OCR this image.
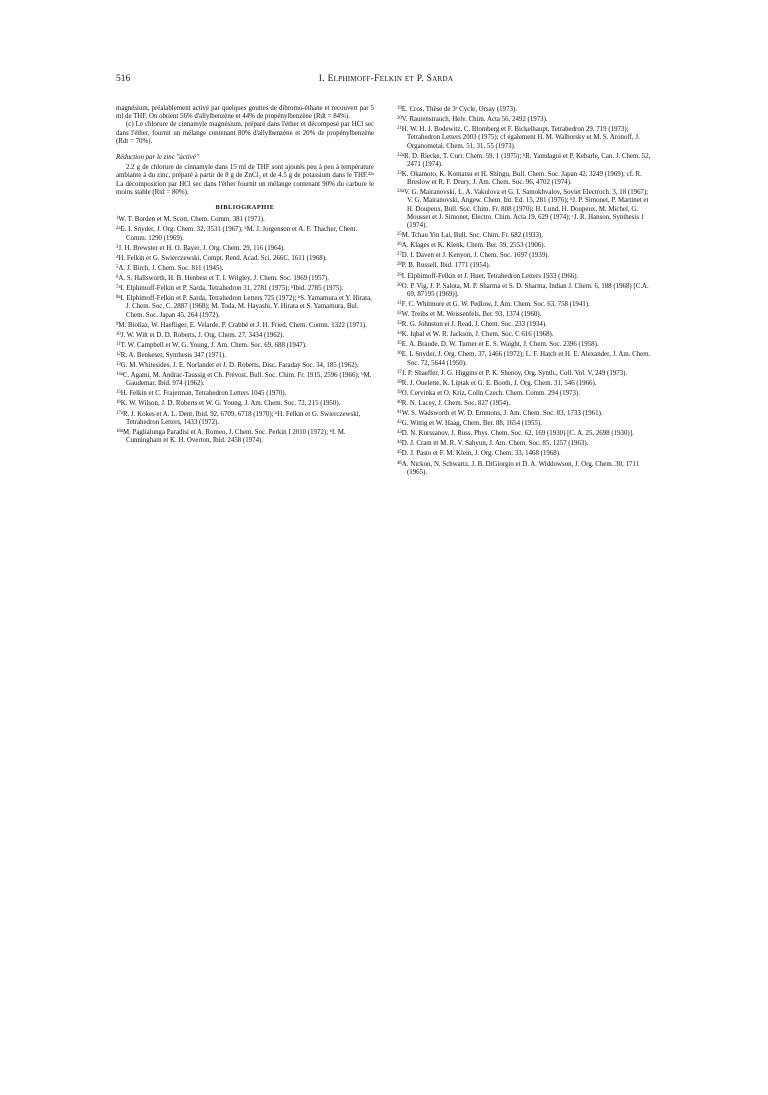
516	I. Elphimoff-Felkin et P. Sarda

magnésium, préalablement activé par quelques gouttes de dibromo-éthane et recouvert par 5 ml de THF. On obtient 56% d'allylbenzène et 44% de propénylbenzène (Rdt = 84%).

(c) Le chlorure de cinnamyle magnésium, préparé dans l'éther et décomposé par HCl sec dans l'éther, fournit un mélange contenant 80% d'allylbenzène et 20% de propénylbenzène (Rdt = 70%).

Réduction par le zinc "activé"

2.2 g de chlorure de cinnamyle dans 15 ml de THF sont ajoutés peu à peu à température ambiante à du zinc, préparé à partir de 8 g de ZnCl₂ et de 4.5 g de potassium dans le THF.³²ᵃ La décomposition par HCl sec dans l'éther fournit un mélange contenant 90% du carbure le moins stable (Rtd = 80%).

BIBLIOGRAPHIE

$^1$W. T. Borden et M. Scott, Chem. Comm. 381 (1971).

$^{2a}$E. I. Snyder, J. Org. Chem. 32, 3531 (1967); ᵇM. J. Jorgenson et A. F. Thacher, Chem. Comm. 1290 (1969).

$^3$J. H. Brewster et H. O. Bayer, J. Org. Chem. 29, 116 (1964).

$^4$H. Felkin et G. Swierczewski, Compt. Rend. Acad. Sci. 266C, 1611 (1968).

$^5$A. J. Birch, J. Chem. Soc. 811 (1945).

$^6$A. S. Hallsworth, H. B. Henbest et T. I. Wrigley, J. Chem. Soc. 1969 (1957).

$^{7a}$I. Elphimoff-Felkin et P. Sarda, Tetrahedron 31, 2781 (1975); ᵇIbid. 2785 (1975).

$^{8a}$I. Elphimoff-Felkin et P. Sarda, Tetrahedron Letters 725 (1972); ᵇS. Yamamura et Y. Hirata, J. Chem. Soc. C. 2887 (1968); M. Toda, M. Hayashi, Y. Hirata et S. Yamamura, Bul. Chem. Soc. Japan 45, 264 (1972).

$^9$M. Biollaz, W. Haefliger, E. Velarde, P. Crabbé et J. H. Fried, Chem. Comm. 1322 (1971).

$^{10}$J. W. Wilt et D. D. Roberts, J. Org. Chem. 27, 3434 (1962).

$^{11}$T. W. Campbell et W. G. Young, J. Am. Chem. Soc. 69, 688 (1947).

$^{12}$R. A. Benkeser, Synthesis 347 (1971).

$^{13}$G. M. Whitesides, J. E. Norlander et J. D. Roberts, Disc. Faraday Soc. 34, 185 (1962).

$^{14a}$C. Agami, M. Andrac-Taussig et Ch. Prévost, Bull. Soc. Chim. Fr. 1915, 2596 (1966); ᵇM. Gaudemar, Ibid. 974 (1962).

$^{15}$H. Felkin et C. Frajerman, Tetrahedron Letters 1045 (1970).

$^{16}$K. W. Wilson, J. D. Roberts et W. G. Young, J. Am. Chem. Soc. 72, 215 (1950).

$^{17a}$R. J. Kokes et A. L. Dent, Ibid. 92, 6709, 6718 (1970); ᵇH. Felkin et G. Swierczewski, Tetrahedron Letters, 1433 (1972).

$^{18a}$M. Paglialunga Paradisi et A. Romeo, J. Chem. Soc. Perkin I 2010 (1972); ᵇI. M. Cunningham et K. H. Overton, Ibid. 2458 (1974).

$^{19}$E. Cros, Thèse de 3ᵉ Cycle, Orsay (1973).

$^{20}$V. Rautenstrauch, Helv. Chim. Acta 56, 2492 (1973).

$^{21}$H. W. H. J. Bodewitz, C. Blomberg et F. Bickelhaupt, Tetrahedron 29, 719 (1973); Tetrahedron Letters 2003 (1975); cf également H. M. Walborsky et M. S. Aronoff, J. Organometal. Chem. 51, 31, 55 (1973).

$^{22a}$R. D. Riecke, T. Curr. Chem. 59, 1 (1975); ᵇR. Yamdagui et P. Kebarle, Can. J. Chem. 52, 2471 (1974).

$^{23}$K. Okamoto, K. Komatsu et H. Shingu, Bull. Chem. Soc. Japan 42, 3249 (1969); cf. R. Breslow et R. F. Drury, J. Am. Chem. Soc. 96, 4702 (1974).

$^{24a}$V. G. Mairanovski, L. A. Vakulova et G. I. Samokhvalov, Soviet Electroch. 3, 18 (1967); V. G. Mairanovski, Angew. Chem. Int. Ed. 15, 281 (1976); ᵇJ. P. Simonet, P. Martinet et H. Doupeux, Bull. Soc. Chim. Fr. 808 (1970); H. Lund, H. Doupeux, M. Michel, G. Mousset et J. Simonet, Electro. Chim. Acta 19, 629 (1974); ᶜJ. R. Hanson, Synthesis 1 (1974).

$^{25}$M. Tchau Yin Lai, Bull. Soc. Chim. Fr. 682 (1933).

$^{26}$A. Klages et K. Klenk, Chem. Ber. 39, 2553 (1906).

$^{27}$D. I. Daven et J. Kenyon, J. Chem. Soc. 1697 (1939).

$^{28}$P. B. Russell, Ibid. 1771 (1954).

$^{29}$I. Elphimoff-Felkin et J. Huet, Tetrahedron Letters 1933 (1966).

$^{30}$O. P. Vig, J. P. Salota, M. P. Sharma et S. D. Sharma, Indian J. Chem. 6, 188 (1968) [C.A. 69, 87195 (1969)].

$^{31}$F. C. Whitmore et G. W. Pedlow, J. Am. Chem. Soc. 63, 758 (1941).

$^{32}$W. Treibs et M. Weissenfels, Ber. 93, 1374 (1960).

$^{33}$R. G. Johnston et J. Read, J. Chem. Soc. 233 (1934).

$^{34}$K. Iqbal et W. R. Jackson, J. Chem. Soc. C 616 (1968).

$^{35}$E. A. Braude, D. W. Turner et E. S. Waight, J. Chem. Soc. 2396 (1958).

$^{36}$E. I. Snyder, J. Org. Chem. 37, 1466 (1972); L. F. Hatch et H. E. Alexander, J. Am. Chem. Soc. 72, 5644 (1950).

$^{37}$J. P. Shaeffer, J. G. Higgins et P. K. Shenoy, Org. Synth., Coll. Vol. V, 249 (1973).

$^{38}$R. J. Ouelette, K. Liptak et G. E. Booth, J. Org. Chem. 31, 546 (1966).

$^{39}$O. Cervinka et O. Kriz, Colln Czech. Chem. Comm. 294 (1973).

$^{40}$R. N. Lacey, J. Chem. Soc. 827 (1954).

$^{41}$W. S. Wadsworth et W. D. Emmons, J. Am. Chem. Soc. 83, 1733 (1961).

$^{42}$G. Wittig et W. Haag, Chem. Ber. 88, 1654 (1955).

$^{43}$D. N. Kurssanov, J. Russ. Phys. Chem. Soc. 62, 169 (1930) [C. A. 25, 2698 (1930)].

$^{44}$D. J. Cram et M. R. V. Sahyun, J. Am. Chem. Soc. 85, 1257 (1963).

$^{45}$D. J. Pasto et F. M. Klein, J. Org. Chem. 33, 1468 (1968).

$^{46}$A. Nickon, N. Schwartz, J. B. DiGiorgio et D. A. Widdowson, J. Org. Chem. 30, 1711 (1965).
